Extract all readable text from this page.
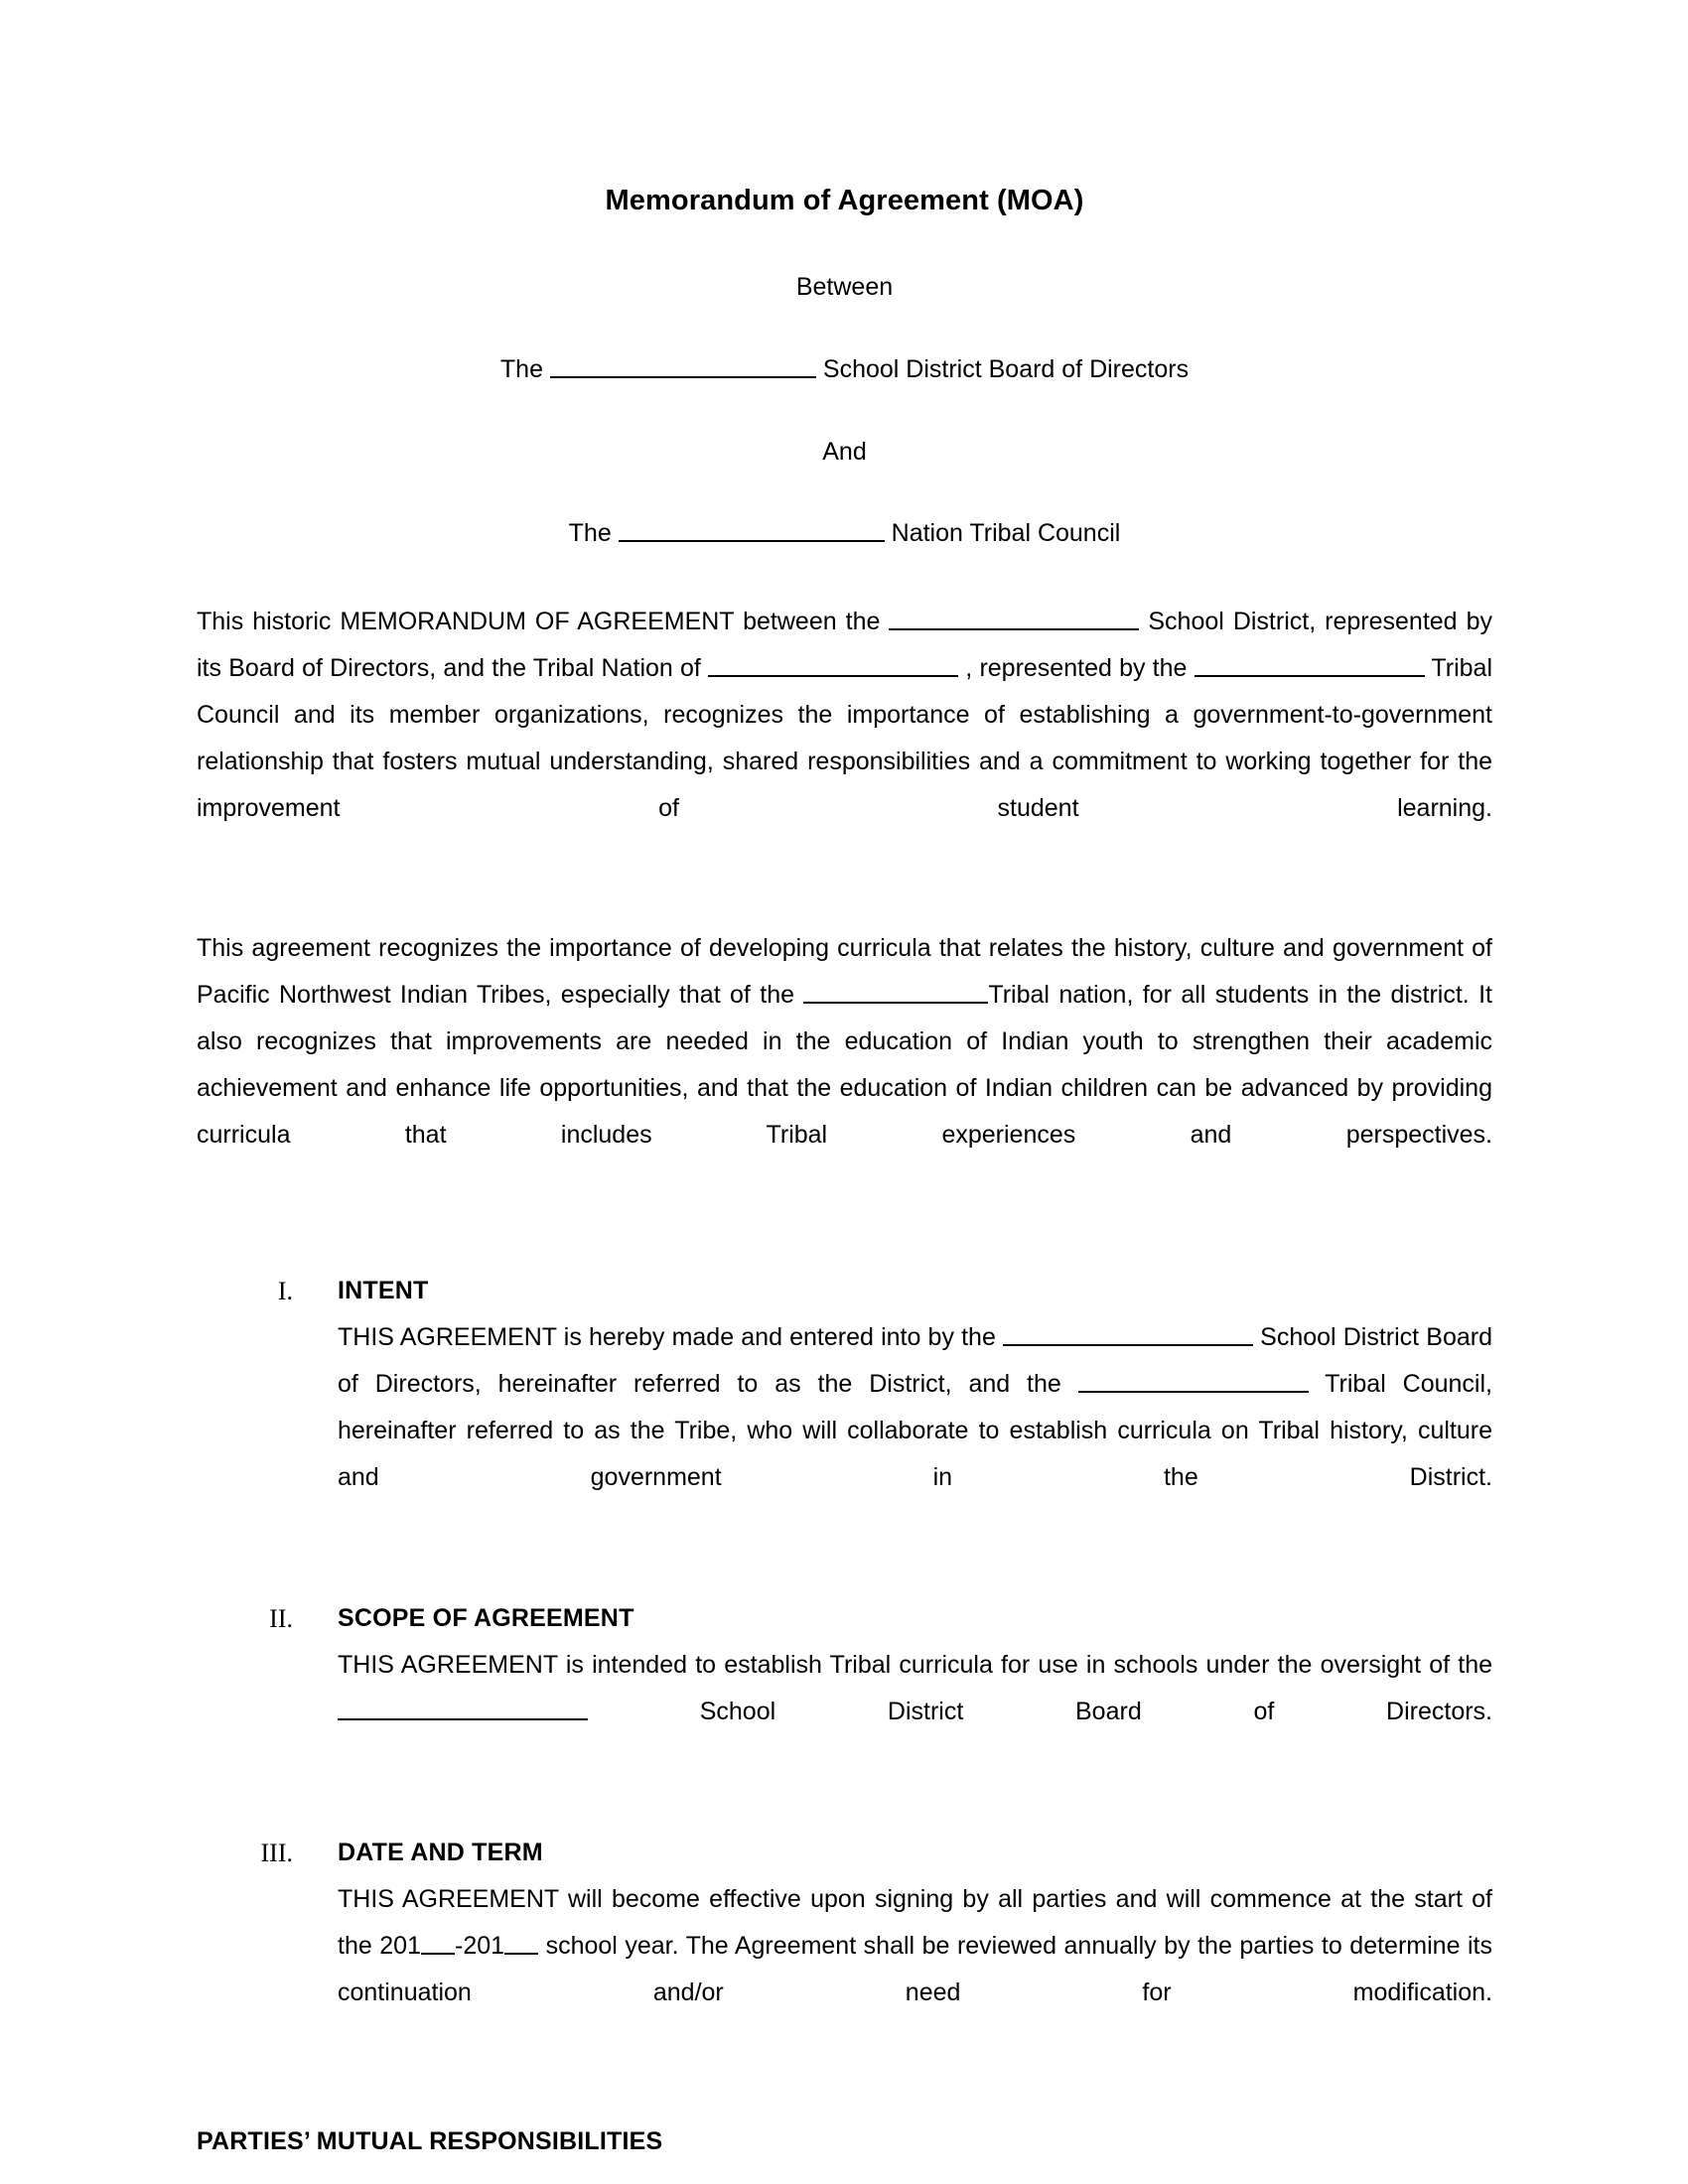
Memorandum of Agreement (MOA)

Between

The	School District Board of Directors

And

The	Nation Tribal Council

This historic MEMORANDUM OF AGREEMENT between the	School District, represented by its Board of Directors, and the Tribal Nation of	, represented by the	Tribal Council and its member organizations, recognizes the importance of establishing a government-to-government relationship that fosters mutual understanding, shared responsibilities and a commitment to working together for the improvement of student learning.

This agreement recognizes the importance of developing curricula that relates the history, culture and government of Pacific Northwest Indian Tribes, especially that of the	Tribal nation, for all students in the district. It also recognizes that improvements are needed in the education of Indian youth to strengthen their academic achievement and enhance life opportunities, and that the education of Indian children can be advanced by providing curricula that includes Tribal experiences and perspectives.

I. INTENT

THIS AGREEMENT is hereby made and entered into by the	School District Board of Directors, hereinafter referred to as the District, and the	Tribal Council, hereinafter referred to as the Tribe, who will collaborate to establish curricula on Tribal history, culture and government in the District.

II. SCOPE OF AGREEMENT

THIS AGREEMENT is intended to establish Tribal curricula for use in schools under the oversight of the  School District Board of Directors.

III. DATE AND TERM

THIS AGREEMENT will become effective upon signing by all parties and will commence at the start of the 201 -201 school year. The Agreement shall be reviewed annually by the parties to determine its continuation and/or need for modification.

PARTIES’ MUTUAL RESPONSIBILITIES
